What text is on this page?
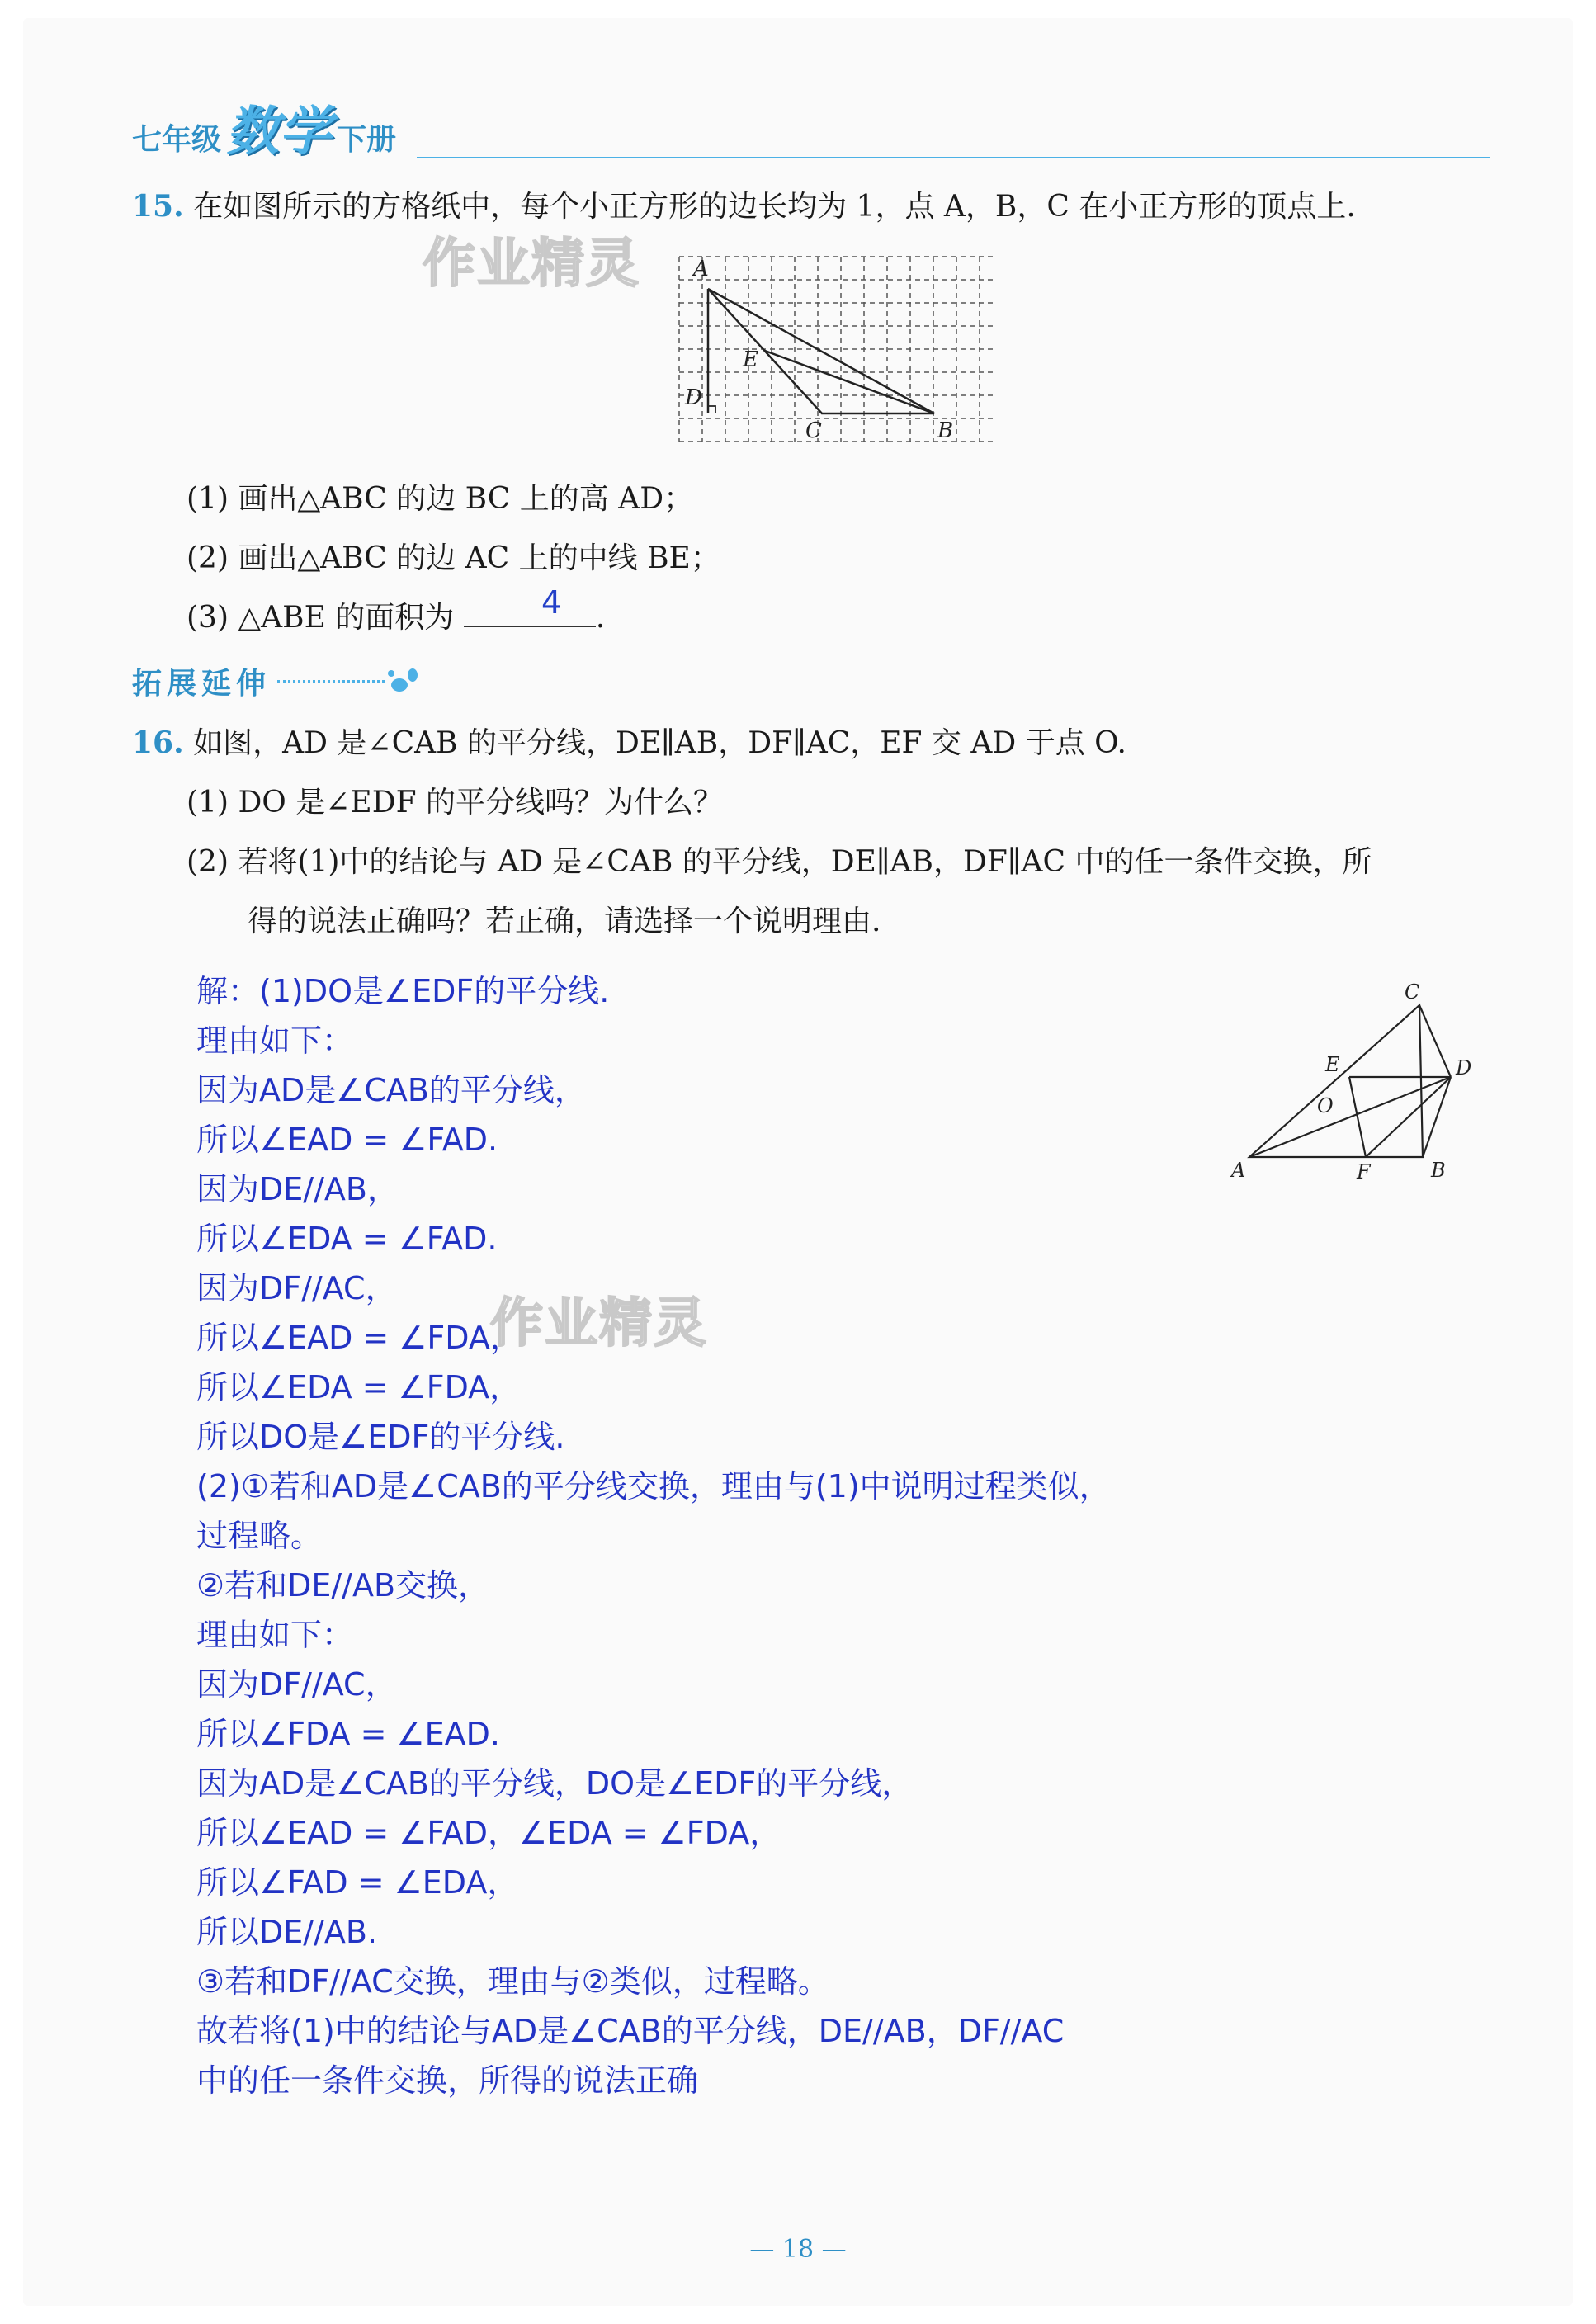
七年级 数学 下册
15. 在如图所示的方格纸中，每个小正方形的边长均为 1，点 A，B，C 在小正方形的顶点上.
作业精灵 A
B
C
D
E
(1) 画出△ABC 的边 BC 上的高 AD；
(2) 画出△ABC 的边 AC 上的中线 BE；
(3) △ABE 的面积为	.
4
拓展延伸
16. 如图，AD 是∠CAB 的平分线，DE∥AB，DF∥AC，EF 交 AD 于点 O.
(1) DO 是∠EDF 的平分线吗？为什么？
(2) 若将(1)中的结论与 AD 是∠CAB 的平分线，DE∥AB，DF∥AC 中的任一条件交换，所
得的说法正确吗？若正确，请选择一个说明理由.
C
E	D
O
A	F	B
作业精灵
解：(1)DO是∠EDF的平分线.
理由如下：
因为AD是∠CAB的平分线，
所以∠EAD = ∠FAD.
因为DE//AB，
所以∠EDA = ∠FAD.
因为DF//AC，
所以∠EAD = ∠FDA，
所以∠EDA = ∠FDA，
所以DO是∠EDF的平分线.
(2)①若和AD是∠CAB的平分线交换，理由与(1)中说明过程类似，
过程略。
②若和DE//AB交换，
理由如下：
因为DF//AC，
所以∠FDA = ∠EAD.
因为AD是∠CAB的平分线，DO是∠EDF的平分线，
所以∠EAD = ∠FAD，∠EDA = ∠FDA，
所以∠FAD = ∠EDA，
所以DE//AB.
③若和DF//AC交换，理由与②类似，过程略。
故若将(1)中的结论与AD是∠CAB的平分线，DE//AB，DF//AC
中的任一条件交换，所得的说法正确
— 18 —
